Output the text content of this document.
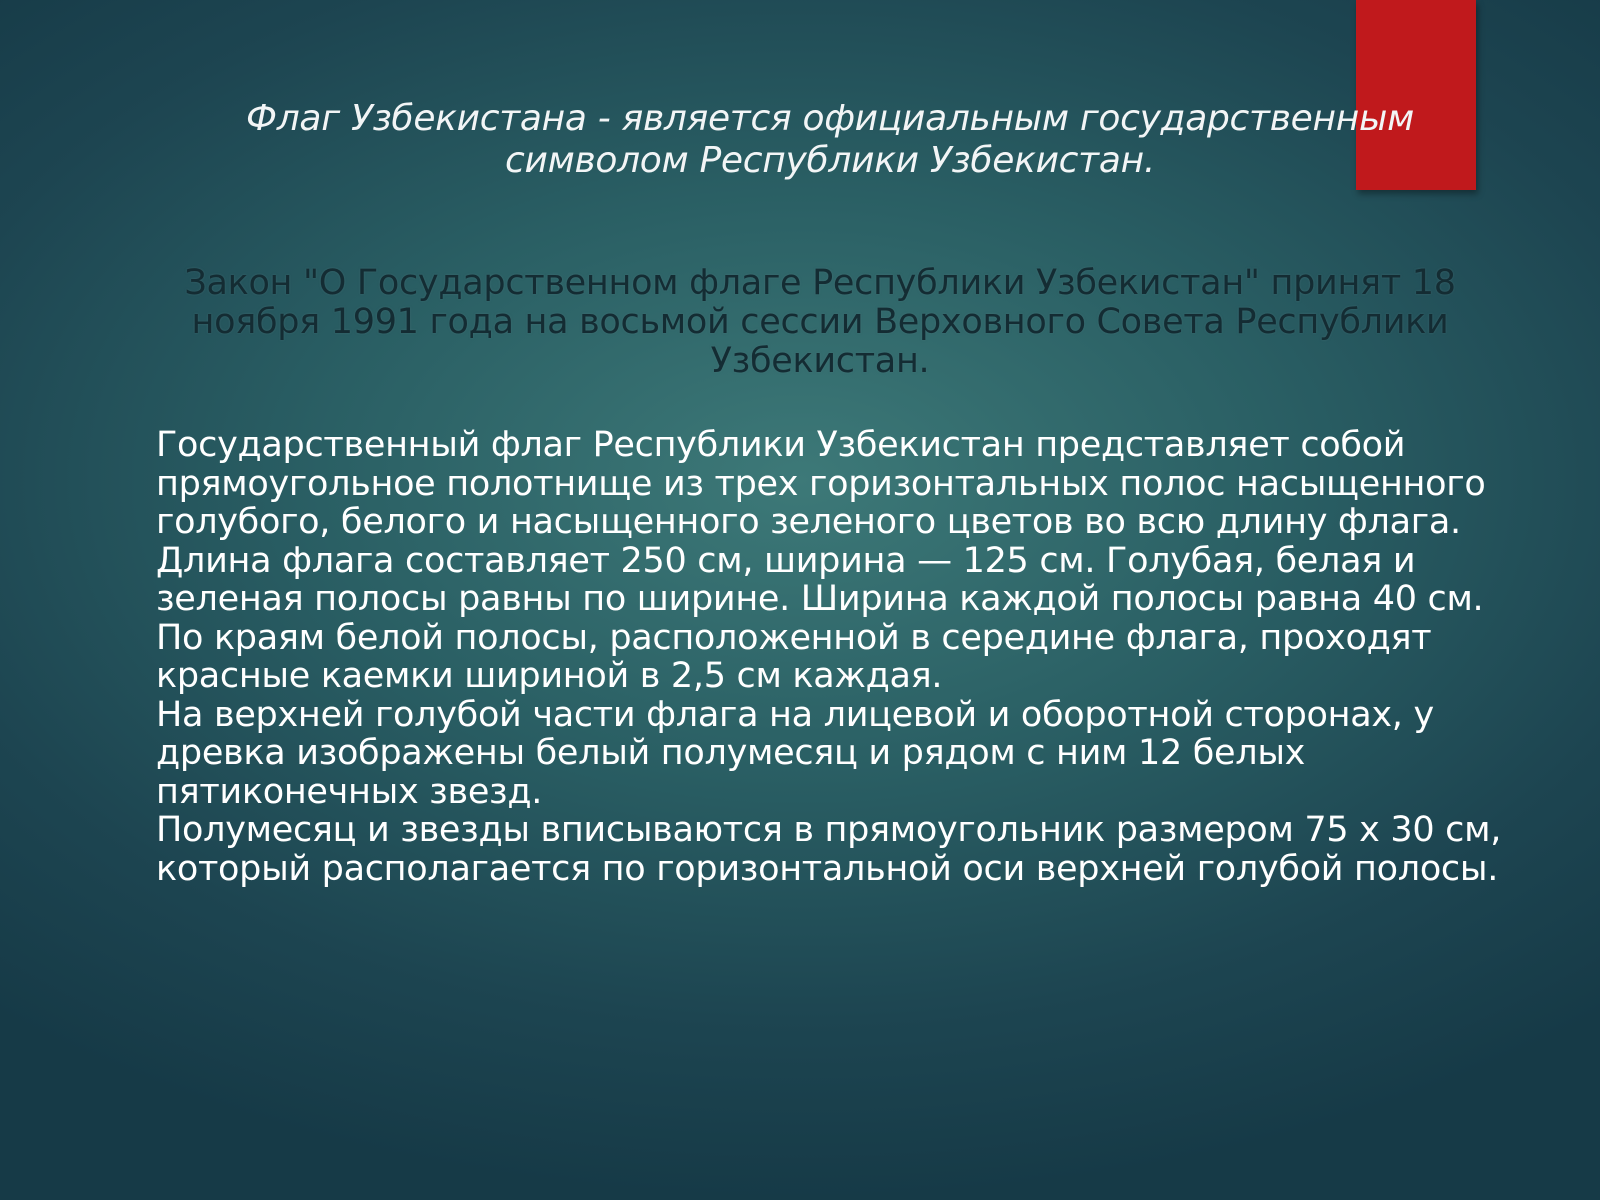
Флаг Узбекистана - является официальным государственным символом Республики Узбекистан.

Закон "О Государственном флаге Республики Узбекистан" принят 18 ноября 1991 года на восьмой сессии Верховного Совета Республики Узбекистан.

Государственный флаг Республики Узбекистан представляет собой прямоугольное полотнище из трех горизонтальных полос насыщенного голубого, белого и насыщенного зеленого цветов во всю длину флага.

Длина флага составляет 250 см, ширина — 125 см. Голубая, белая и зеленая полосы равны по ширине. Ширина каждой полосы равна 40 см. По краям белой полосы, расположенной в середине флага, проходят красные каемки шириной в 2,5 см каждая.

На верхней голубой части флага на лицевой и оборотной сторонах, у древка изображены белый полумесяц и рядом с ним 12 белых пятиконечных звезд.

Полумесяц и звезды вписываются в прямоугольник размером 75 х 30 см, который располагается по горизонтальной оси верхней голубой полосы.
